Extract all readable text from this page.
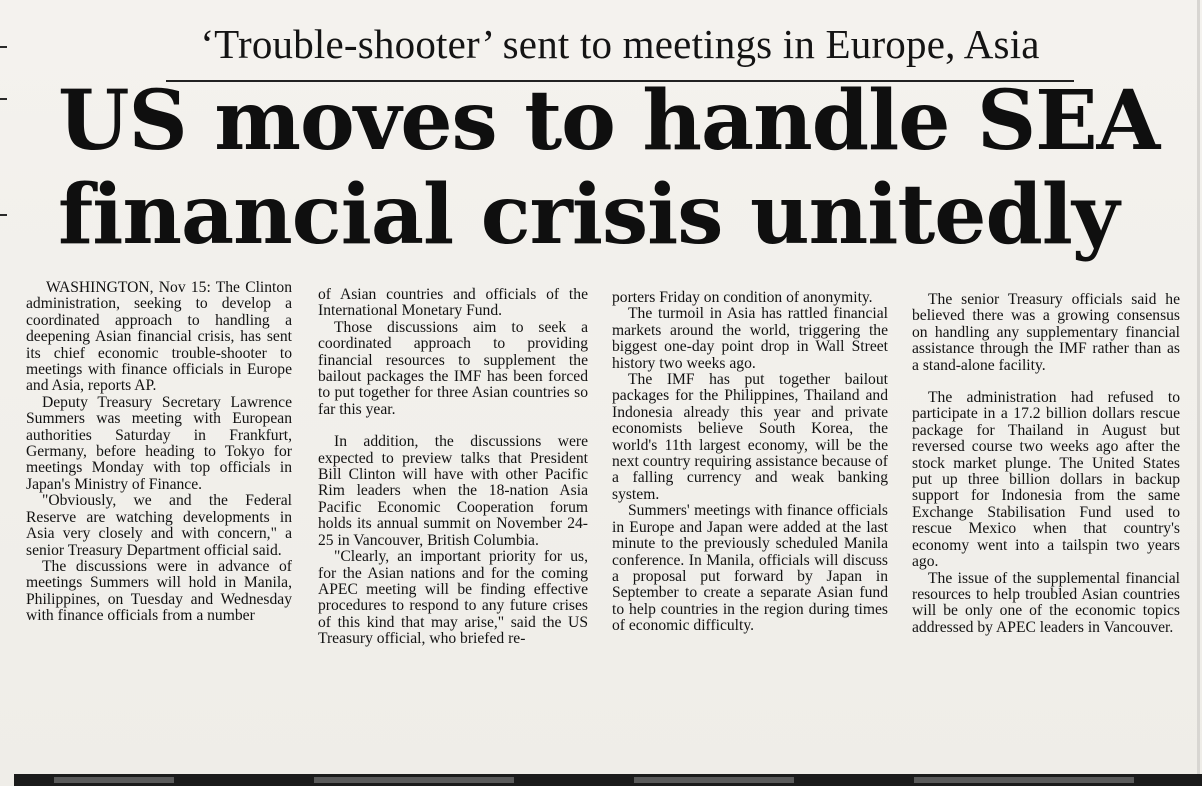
‘Trouble-shooter’ sent to meetings in Europe, Asia
US moves to handle SEA
financial crisis unitedly

WASHINGTON, Nov 15: The Clinton administration, seeking to develop a coordinated approach to handling a deepening Asian financial crisis, has sent its chief economic trouble-shooter to meetings with finance officials in Europe and Asia, reports AP.

Deputy Treasury Secretary Lawrence Summers was meeting with European authorities Saturday in Frankfurt, Germany, before heading to Tokyo for meetings Monday with top officials in Japan's Ministry of Finance.

"Obviously, we and the Federal Reserve are watching developments in Asia very closely and with concern," a senior Treasury Department official said.

The discussions were in advance of meetings Summers will hold in Manila, Philippines, on Tuesday and Wednesday with finance officials from a number

of Asian countries and officials of the International Monetary Fund.

Those discussions aim to seek a coordinated approach to providing financial resources to supplement the bailout packages the IMF has been forced to put together for three Asian countries so far this year.

In addition, the discussions were expected to preview talks that President Bill Clinton will have with other Pacific Rim leaders when the 18-nation Asia Pacific Economic Cooperation forum holds its annual summit on November 24-25 in Vancouver, British Columbia.

"Clearly, an important priority for us, for the Asian nations and for the coming APEC meeting will be finding effective procedures to respond to any future crises of this kind that may arise," said the US Treasury official, who briefed re-

porters Friday on condition of anonymity.

The turmoil in Asia has rattled financial markets around the world, triggering the biggest one-day point drop in Wall Street history two weeks ago.

The IMF has put together bailout packages for the Philippines, Thailand and Indonesia already this year and private economists believe South Korea, the world's 11th largest economy, will be the next country requiring assistance because of a falling currency and weak banking system.

Summers' meetings with finance officials in Europe and Japan were added at the last minute to the previously scheduled Manila conference. In Manila, officials will discuss a proposal put forward by Japan in September to create a separate Asian fund to help countries in the region during times of economic difficulty.

The senior Treasury officials said he believed there was a growing consensus on handling any supplementary financial assistance through the IMF rather than as a stand-alone facility.

The administration had refused to participate in a 17.2 billion dollars rescue package for Thailand in August but reversed course two weeks ago after the stock market plunge. The United States put up three billion dollars in backup support for Indonesia from the same Exchange Stabilisation Fund used to rescue Mexico when that country's economy went into a tailspin two years ago.

The issue of the supplemental financial resources to help troubled Asian countries will be only one of the economic topics addressed by APEC leaders in Vancouver.
